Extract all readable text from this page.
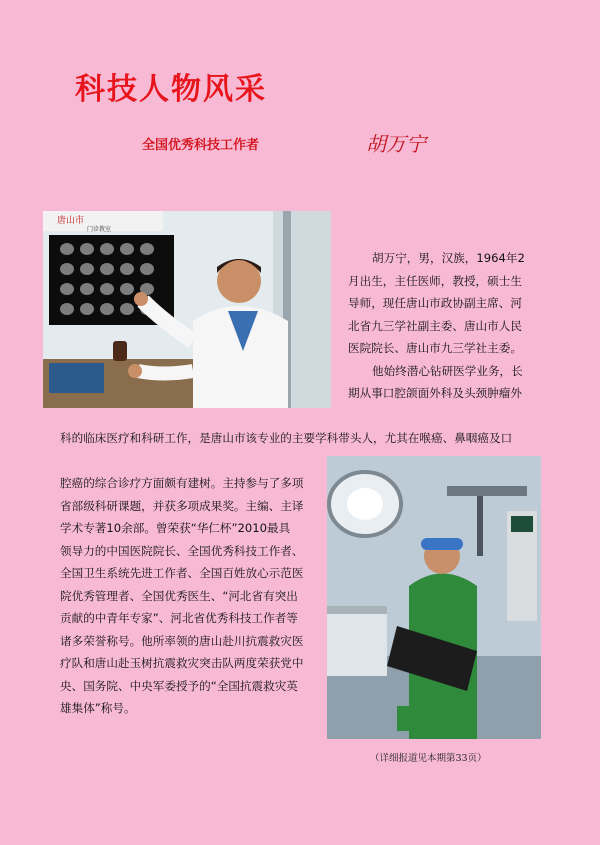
科技人物风采
全国优秀科技工作者	胡万宁
唐山市
门诊教室

胡万宁，男，汉族，1964年2
月出生，主任医师，教授，硕士生
导师，现任唐山市政协副主席、河
北省九三学社副主委、唐山市人民
医院院长、唐山市九三学社主委。
他始终潜心钻研医学业务，长
期从事口腔颌面外科及头颈肿瘤外

科的临床医疗和科研工作，是唐山市该专业的主要学科带头人，尤其在喉癌、鼻咽癌及口

腔癌的综合诊疗方面颇有建树。主持参与了多项
省部级科研课题，并获多项成果奖。主编、主译
学术专著10余部。曾荣获“华仁杯”2010最具
领导力的中国医院院长、全国优秀科技工作者、
全国卫生系统先进工作者、全国百姓放心示范医
院优秀管理者、全国优秀医生、“河北省有突出
贡献的中青年专家”、河北省优秀科技工作者等
诸多荣誉称号。他所率领的唐山赴川抗震救灾医
疗队和唐山赴玉树抗震救灾突击队两度荣获党中
央、国务院、中央军委授予的“全国抗震救灾英
雄集体”称号。

（详细报道见本期第33页）
